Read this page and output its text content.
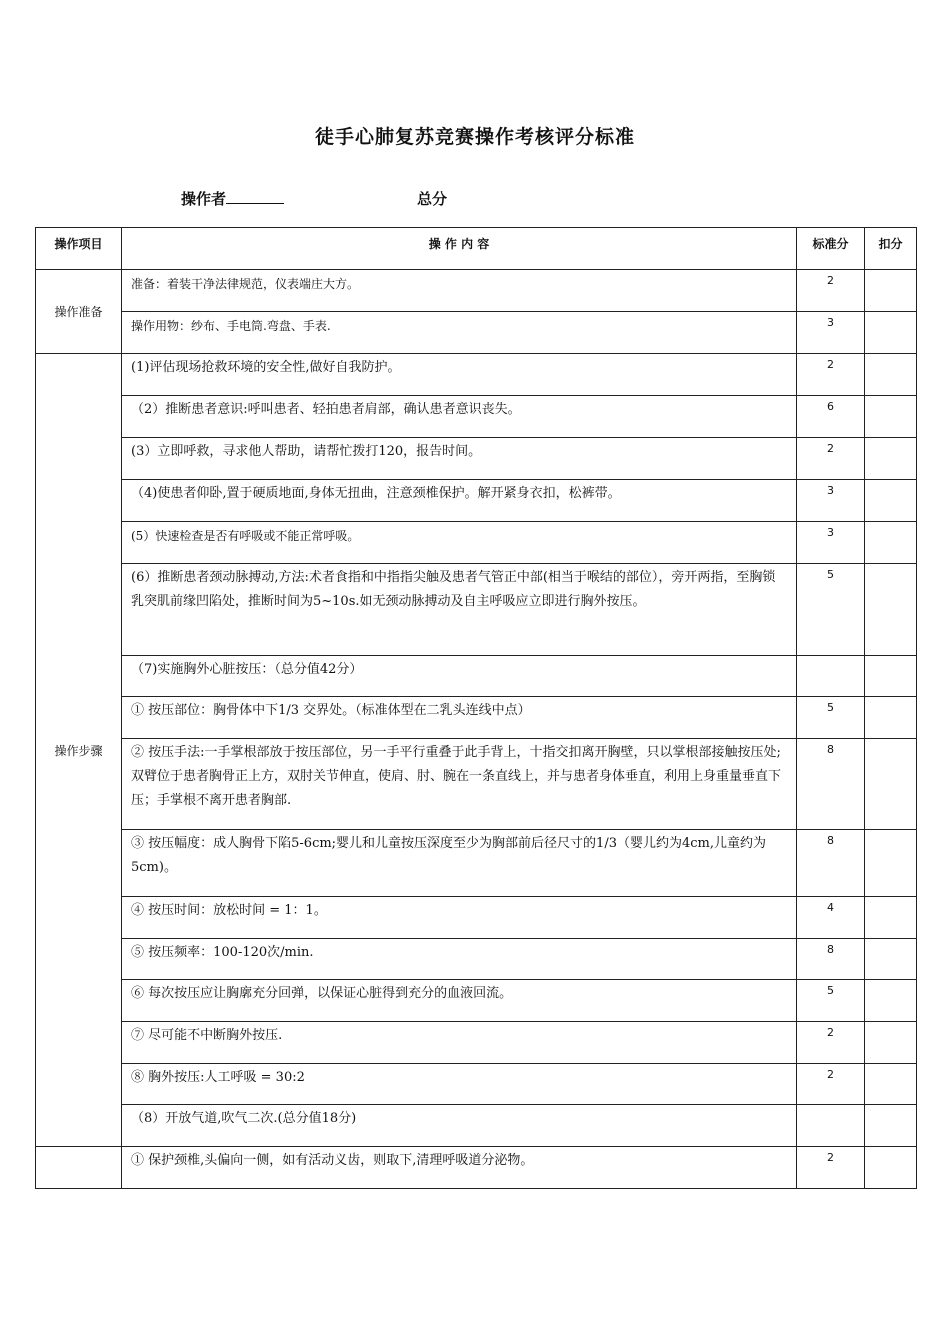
徒手心肺复苏竞赛操作考核评分标准
操作者	总分
操作项目	操 作 内 容	标准分	扣分
操作准备	准备：着装干净法律规范，仪表端庄大方。	2	
	操作用物：纱布、手电筒.弯盘、手表.	3	
操作步骤	(1)评估现场抢救环境的安全性,做好自我防护。	2	
	（2）推断患者意识:呼叫患者、轻拍患者肩部，确认患者意识丧失。	6	
	(3）立即呼救，寻求他人帮助，请帮忙拨打120，报告时间。	2	
	（4)使患者仰卧,置于硬质地面,身体无扭曲，注意颈椎保护。解开紧身衣扣，松裤带。	3	
	(5）快速检查是否有呼吸或不能正常呼吸。	3	
	(6）推断患者颈动脉搏动,方法:术者食指和中指指尖触及患者气管正中部(相当于喉结的部位），旁开两指，至胸锁乳突肌前缘凹陷处，推断时间为5~10s.如无颈动脉搏动及自主呼吸应立即进行胸外按压。	5	
	（7)实施胸外心脏按压：（总分值42分）		
	① 按压部位：胸骨体中下1/3 交界处。（标准体型在二乳头连线中点）	5	
	② 按压手法:一手掌根部放于按压部位，另一手平行重叠于此手背上，十指交扣离开胸壁，只以掌根部接触按压处;双臂位于患者胸骨正上方，双肘关节伸直，使肩、肘、腕在一条直线上，并与患者身体垂直，利用上身重量垂直下压；手掌根不离开患者胸部.	8	
	③ 按压幅度：成人胸骨下陷5-6cm;婴儿和儿童按压深度至少为胸部前后径尺寸的1/3（婴儿约为4cm,儿童约为5cm)。	8	
	④ 按压时间：放松时间 = 1：1。	4	
	⑤ 按压频率：100-120次/min.	8	
	⑥ 每次按压应让胸廓充分回弹，以保证心脏得到充分的血液回流。	5	
	⑦ 尽可能不中断胸外按压.	2	
	⑧ 胸外按压:人工呼吸 = 30:2	2	
	（8）开放气道,吹气二次.(总分值18分)		
	① 保护颈椎,头偏向一侧，如有活动义齿，则取下,清理呼吸道分泌物。	2	
